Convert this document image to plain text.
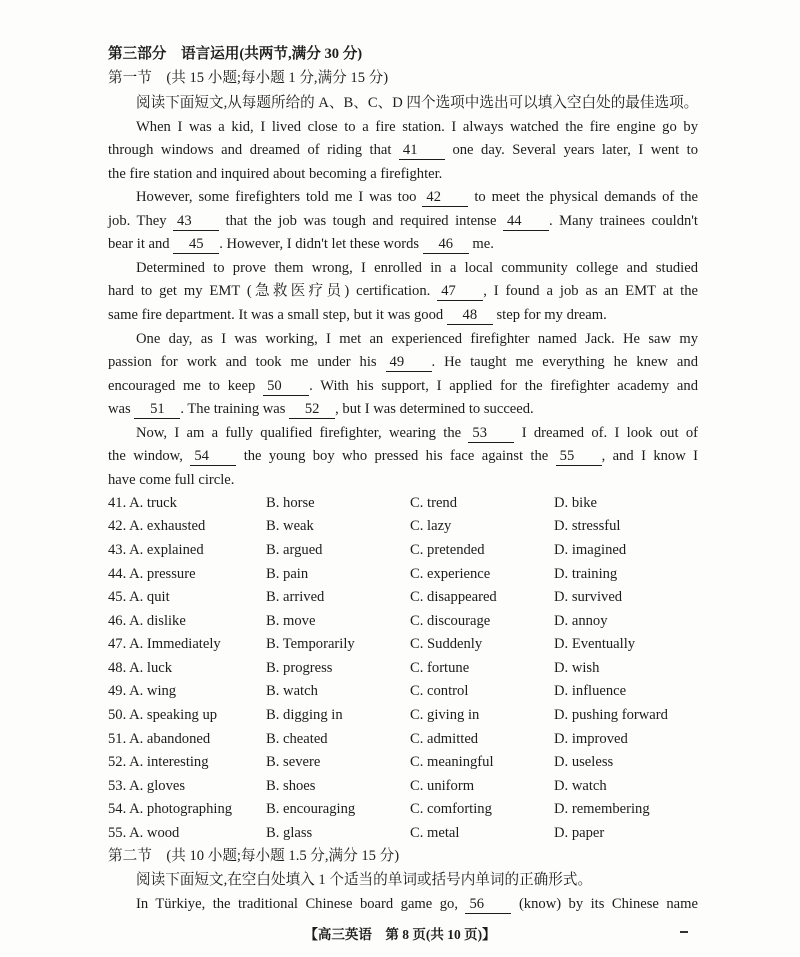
第三部分　语言运用(共两节,满分 30 分)
第一节　(共 15 小题;每小题 1 分,满分 15 分)
阅读下面短文,从每题所给的 A、B、C、D 四个选项中选出可以填入空白处的最佳选项。
When I was a kid, I lived close to a fire station. I always watched the fire engine go by
through windows and dreamed of riding that 41 one day. Several years later, I went to
the fire station and inquired about becoming a firefighter.
However, some firefighters told me I was too 42 to meet the physical demands of the
job. They 43 that the job was tough and required intense 44 . Many trainees couldn't
bear it and 45 . However, I didn't let these words 46 me.
Determined to prove them wrong, I enrolled in a local community college and studied
hard to get my EMT (急救医疗员) certification. 47 , I found a job as an EMT at the
same fire department. It was a small step, but it was good 48 step for my dream.
One day, as I was working, I met an experienced firefighter named Jack. He saw my
passion for work and took me under his 49 . He taught me everything he knew and
encouraged me to keep 50 . With his support, I applied for the firefighter academy and
was 51 . The training was 52 , but I was determined to succeed.
Now, I am a fully qualified firefighter, wearing the 53 I dreamed of. I look out of
the window, 54 the young boy who pressed his face against the 55 , and I know I
have come full circle.
41. A. truck	B. horse	C. trend	D. bike
42. A. exhausted	B. weak	C. lazy	D. stressful
43. A. explained	B. argued	C. pretended	D. imagined
44. A. pressure	B. pain	C. experience	D. training
45. A. quit	B. arrived	C. disappeared	D. survived
46. A. dislike	B. move	C. discourage	D. annoy
47. A. Immediately	B. Temporarily	C. Suddenly	D. Eventually
48. A. luck	B. progress	C. fortune	D. wish
49. A. wing	B. watch	C. control	D. influence
50. A. speaking up	B. digging in	C. giving in	D. pushing forward
51. A. abandoned	B. cheated	C. admitted	D. improved
52. A. interesting	B. severe	C. meaningful	D. useless
53. A. gloves	B. shoes	C. uniform	D. watch
54. A. photographing B. encouraging	C. comforting	D. remembering
55. A. wood	B. glass	C. metal	D. paper
第二节　(共 10 小题;每小题 1.5 分,满分 15 分)
阅读下面短文,在空白处填入 1 个适当的单词或括号内单词的正确形式。
In Türkiye, the traditional Chinese board game go, 56 (know) by its Chinese name
【高三英语　第 8 页(共 10 页)】
